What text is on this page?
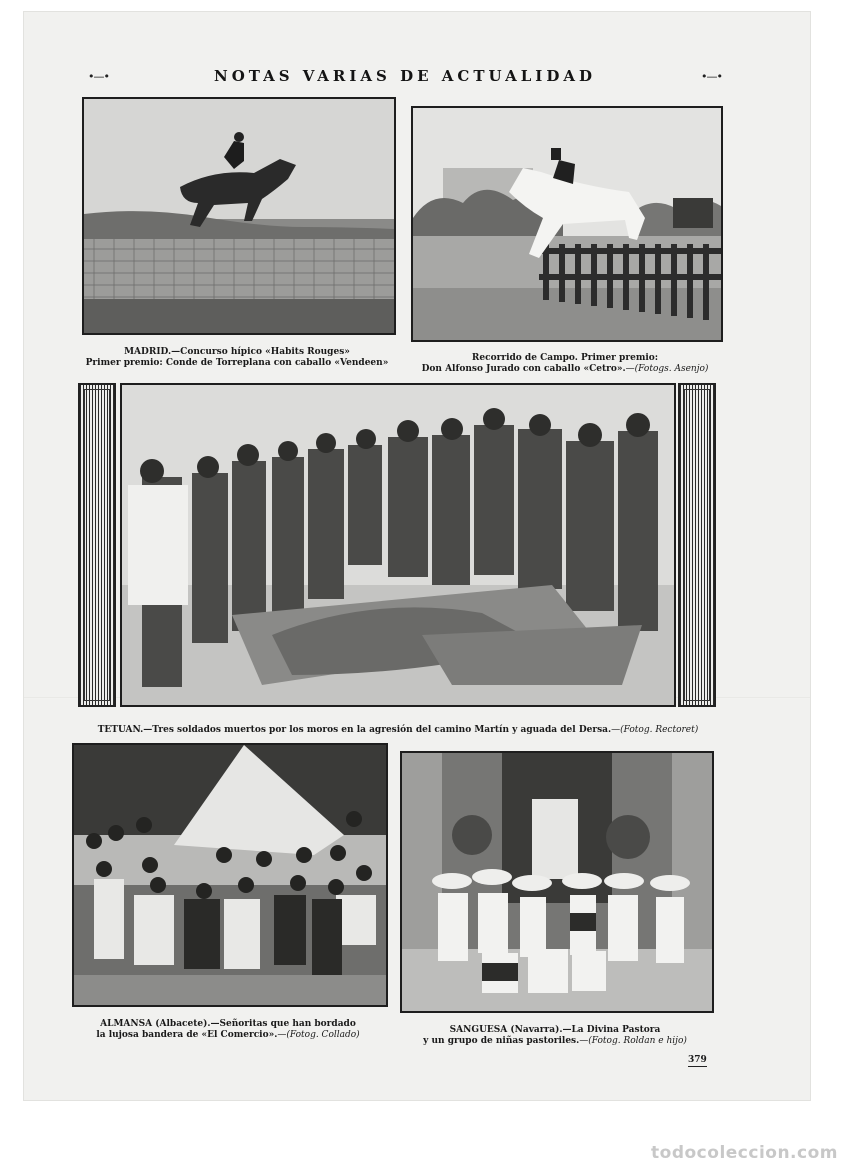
•—•	NOTAS VARIAS DE ACTUALIDAD	•—•
MADRID.—Concurso hípico «Habits Rouges»
Primer premio: Conde de Torreplana con caballo «Vendeen»	Recorrido de Campo. Primer premio:
Don Alfonso Jurado con caballo «Cetro».—(Fotogs. Asenjo)
TETUAN.—Tres soldados muertos por los moros en la agresión del camino Martín y aguada del Dersa.—(Fotog. Rectoret)
ALMANSA (Albacete).—Señoritas que han bordado
la lujosa bandera de «El Comercio».—(Fotog. Collado)	SANGUESA (Navarra).—La Divina Pastora
y un grupo de niñas pastoriles.—(Fotog. Roldan e hijo)
379
todocoleccion.com
